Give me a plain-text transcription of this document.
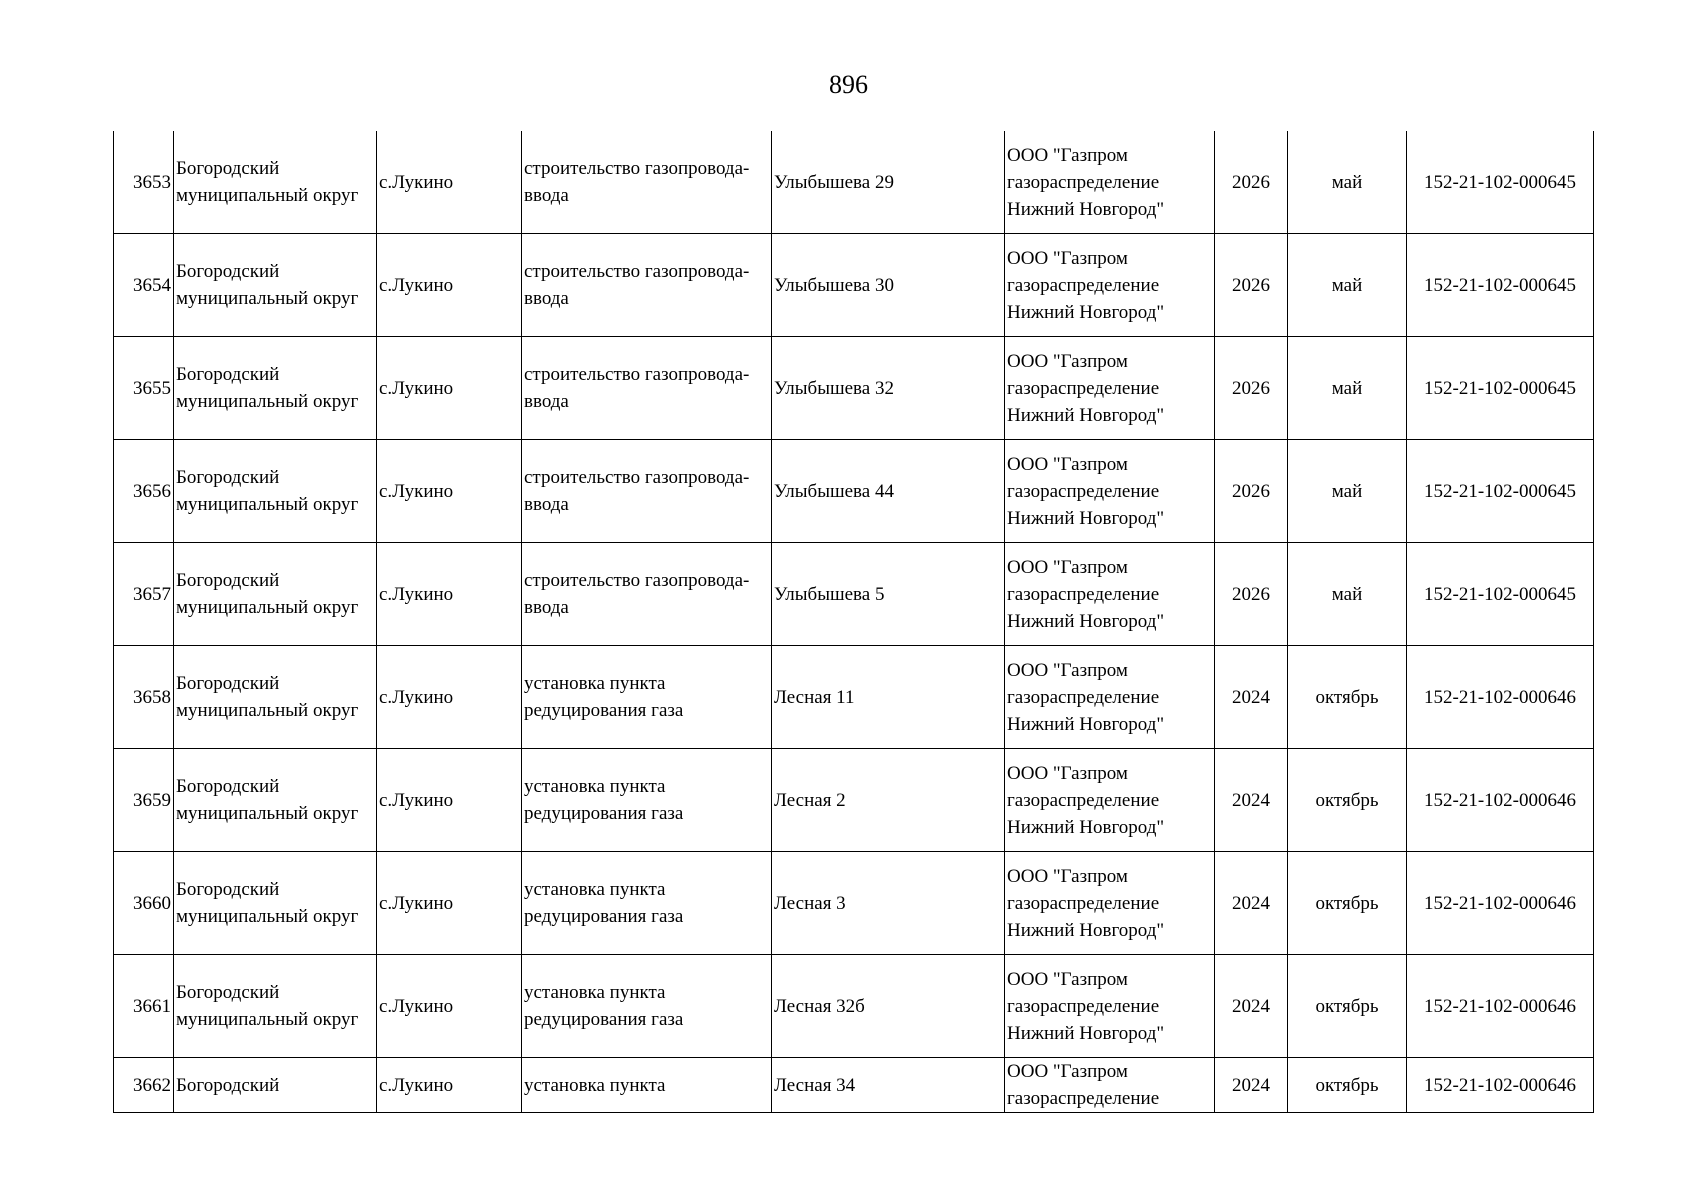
896
3653	Богородский муниципальный округ	с.Лукино	строительство газопровода-ввода	Улыбышева 29	ООО "Газпром газораспределение Нижний Новгород"	2026	май	152-21-102-000645
3654	Богородский муниципальный округ	с.Лукино	строительство газопровода-ввода	Улыбышева 30	ООО "Газпром газораспределение Нижний Новгород"	2026	май	152-21-102-000645
3655	Богородский муниципальный округ	с.Лукино	строительство газопровода-ввода	Улыбышева 32	ООО "Газпром газораспределение Нижний Новгород"	2026	май	152-21-102-000645
3656	Богородский муниципальный округ	с.Лукино	строительство газопровода-ввода	Улыбышева 44	ООО "Газпром газораспределение Нижний Новгород"	2026	май	152-21-102-000645
3657	Богородский муниципальный округ	с.Лукино	строительство газопровода-ввода	Улыбышева 5	ООО "Газпром газораспределение Нижний Новгород"	2026	май	152-21-102-000645
3658	Богородский муниципальный округ	с.Лукино	установка пункта редуцирования газа	Лесная 11	ООО "Газпром газораспределение Нижний Новгород"	2024	октябрь	152-21-102-000646
3659	Богородский муниципальный округ	с.Лукино	установка пункта редуцирования газа	Лесная 2	ООО "Газпром газораспределение Нижний Новгород"	2024	октябрь	152-21-102-000646
3660	Богородский муниципальный округ	с.Лукино	установка пункта редуцирования газа	Лесная 3	ООО "Газпром газораспределение Нижний Новгород"	2024	октябрь	152-21-102-000646
3661	Богородский муниципальный округ	с.Лукино	установка пункта редуцирования газа	Лесная 32б	ООО "Газпром газораспределение Нижний Новгород"	2024	октябрь	152-21-102-000646
3662	Богородский	с.Лукино	установка пункта	Лесная 34	ООО "Газпром газораспределение	2024	октябрь	152-21-102-000646
